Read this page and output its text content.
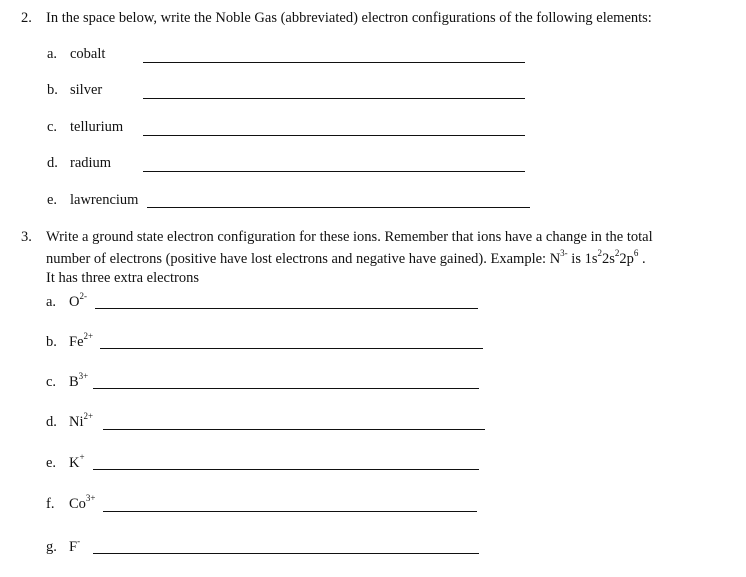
2. In the space below, write the Noble Gas (abbreviated) electron configurations of the following elements:
a. cobalt
b. silver
c. tellurium
d. radium
e. lawrencium
3. Write a ground state electron configuration for these ions. Remember that ions have a change in the total
number of electrons (positive have lost electrons and negative have gained). Example: $N^{3-}$ is $1s^22s^22p^6$ .
It has three extra electrons
a. $O^{2-}$
b. $Fe^{2+}$
c. $B^{3+}$
d. $Ni^{2+}$
e. K+
f. $Co^{3+}$
g. F-
